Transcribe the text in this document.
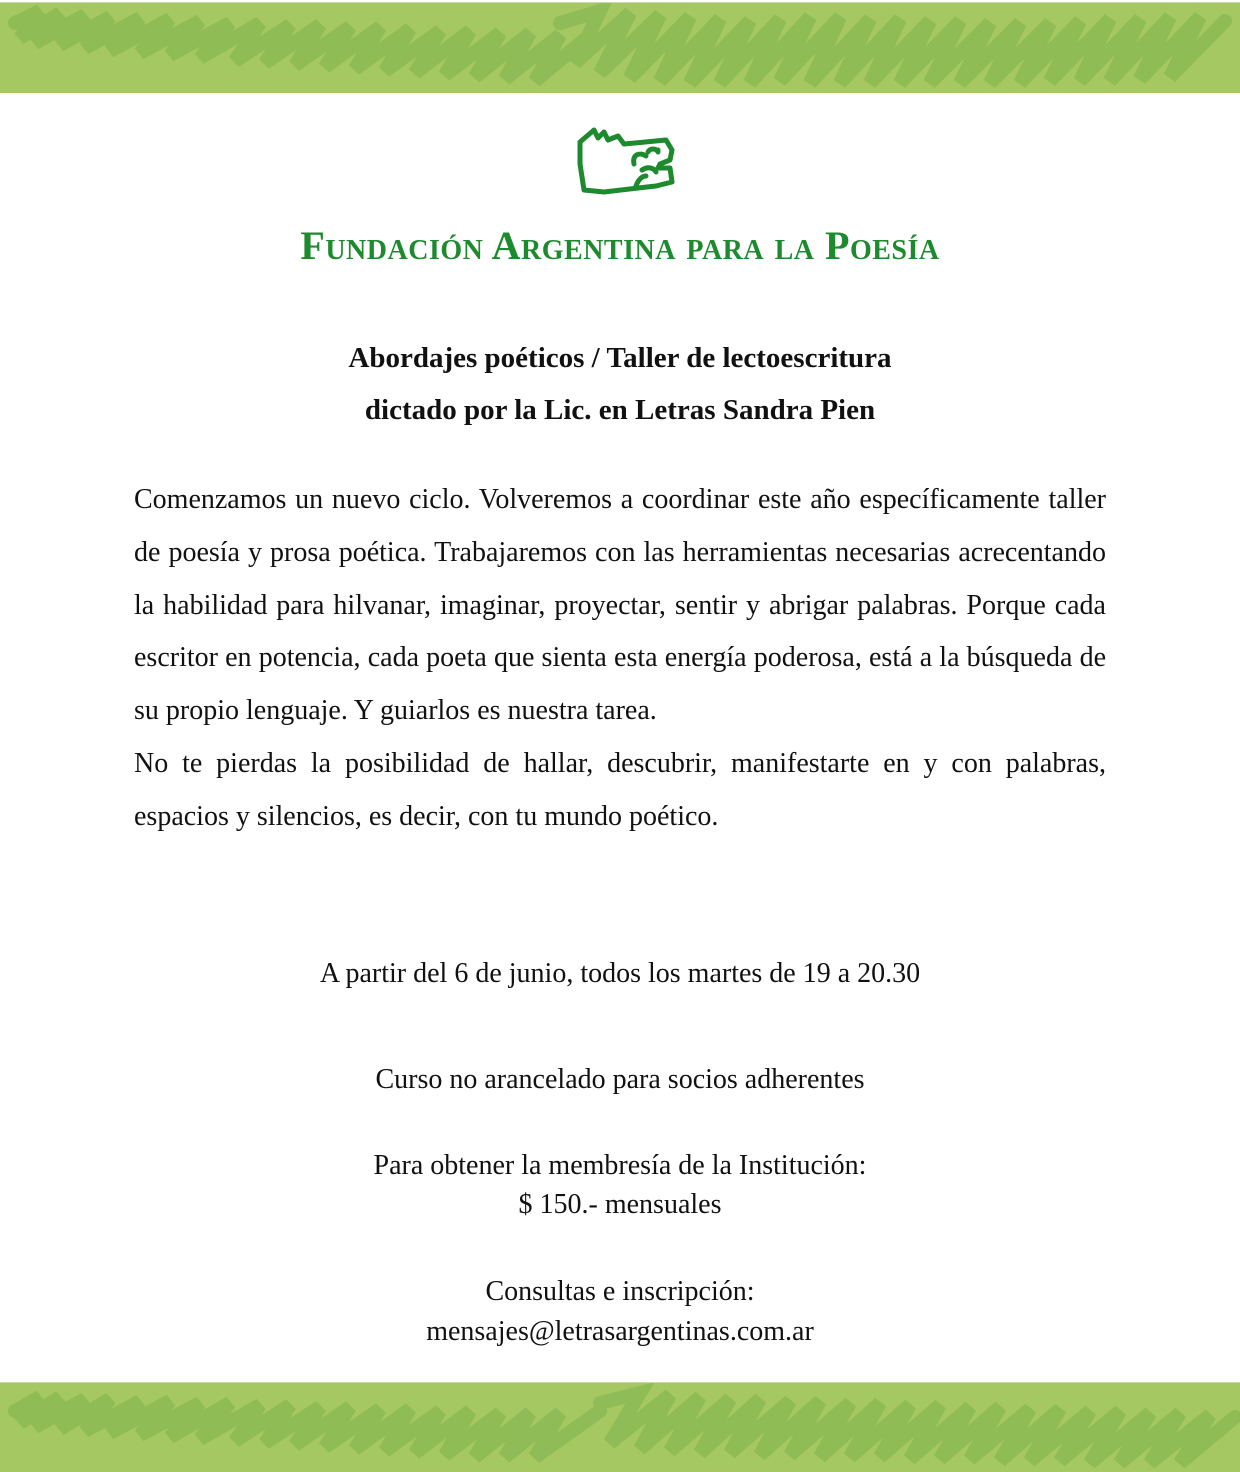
Fundación Argentina para la Poesía
Abordajes poéticos / Taller de lectoescritura
dictado por la Lic. en Letras Sandra Pien

Comenzamos un nuevo ciclo. Volveremos a coordinar este año específicamente taller de poesía y prosa poética. Trabajaremos con las herramientas necesarias acrecentando la habilidad para hilvanar, imaginar, proyectar, sentir y abrigar palabras. Porque cada escritor en potencia, cada poeta que sienta esta energía poderosa, está a la búsqueda de su propio lenguaje. Y guiarlos es nuestra tarea.

No te pierdas la posibilidad de hallar, descubrir, manifestarte en y con palabras, espacios y silencios, es decir, con tu mundo poético.

A partir del 6 de junio, todos los martes de 19 a 20.30
Curso no arancelado para socios adherentes
Para obtener la membresía de la Institución:
$ 150.- mensuales
Consultas e inscripción:
mensajes@letrasargentinas.com.ar
